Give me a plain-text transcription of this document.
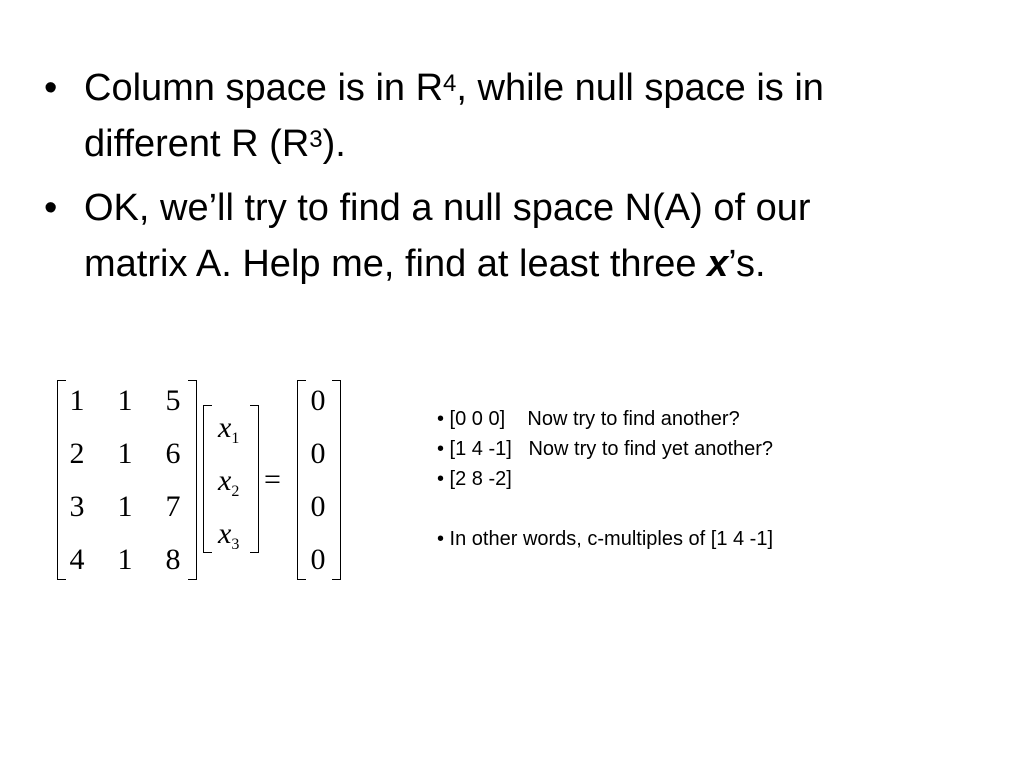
• Column space is in $R^4$, while null space is in
different R $(R^3)$.
• OK, we’ll try to find a null space N(A) of our
matrix A. Help me, find at least three x’s.
=
1 1 5
2 1 6
3 1 7
4 1 8
$x_1$
$x_2$
$x_3$
0
0
0
0
• [0 0 0]    Now try to find another?
• [1 4 -1]   Now try to find yet another?
• [2 8 -2]
• In other words, c-multiples of [1 4 -1]
